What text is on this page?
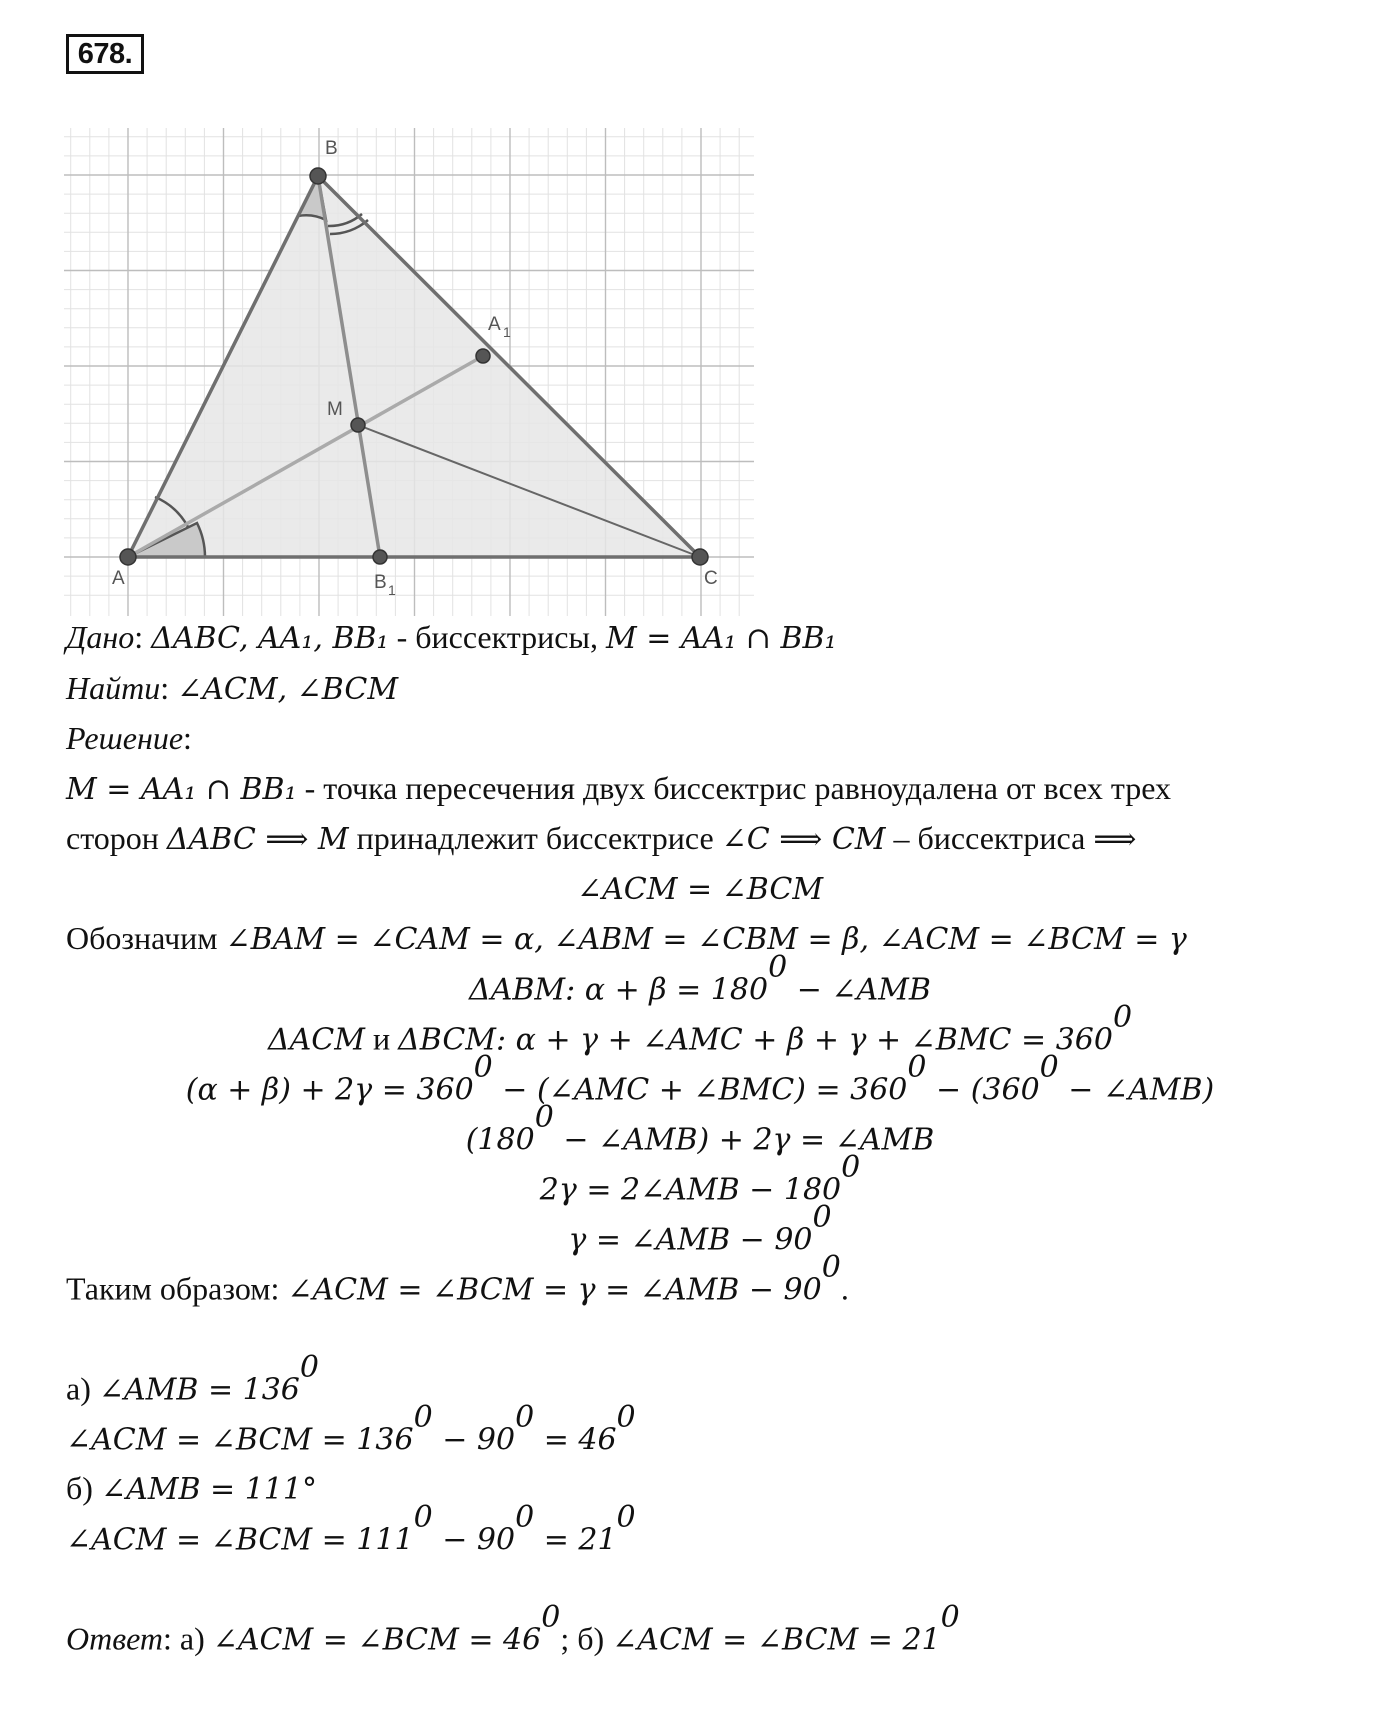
678.
A
B
C
M
A 1
B 1
Дано: ΔABC, AA₁, BB₁ - биссектрисы, M = AA₁ ∩ BB₁
Найти: ∠ACM, ∠BCM
Решение:
M = AA₁ ∩ BB₁ - точка пересечения двух биссектрис равноудалена от всех трех
сторон ΔABC ⟹ M принадлежит биссектрисе ∠C ⟹ CM – биссектриса ⟹
∠ACM = ∠BCM
Обозначим ∠BAM = ∠CAM = α, ∠ABM = ∠CBM = β, ∠ACM = ∠BCM = γ
ΔABM: $\alpha + \beta = 180^0$ − ∠AMB
ΔACM и ΔBCM: α + γ + ∠AMC + β + γ + ∠BMC = $360^0$
$(\alpha + \beta) + 2\gamma = 360^0$ − (∠AMC + ∠BMC) = $360^0 - (360^0$ − ∠AMB)
($180^0$ − ∠AMB) + 2γ = ∠AMB
2γ = 2∠AMB − $180^0$
γ = ∠AMB − $90^0$
Таким образом: ∠ACM = ∠BCM = γ = ∠AMB − $90^0$.
а) ∠AMB = $136^0$
∠ACM = ∠BCM = $136^0 - 90^0 = 46^0$
б) ∠AMB = 111°
∠ACM = ∠BCM = $111^0 - 90^0 = 21^0$
Ответ: а) ∠ACM = ∠BCM = $46^0$; б) ∠ACM = ∠BCM = $21^0$
